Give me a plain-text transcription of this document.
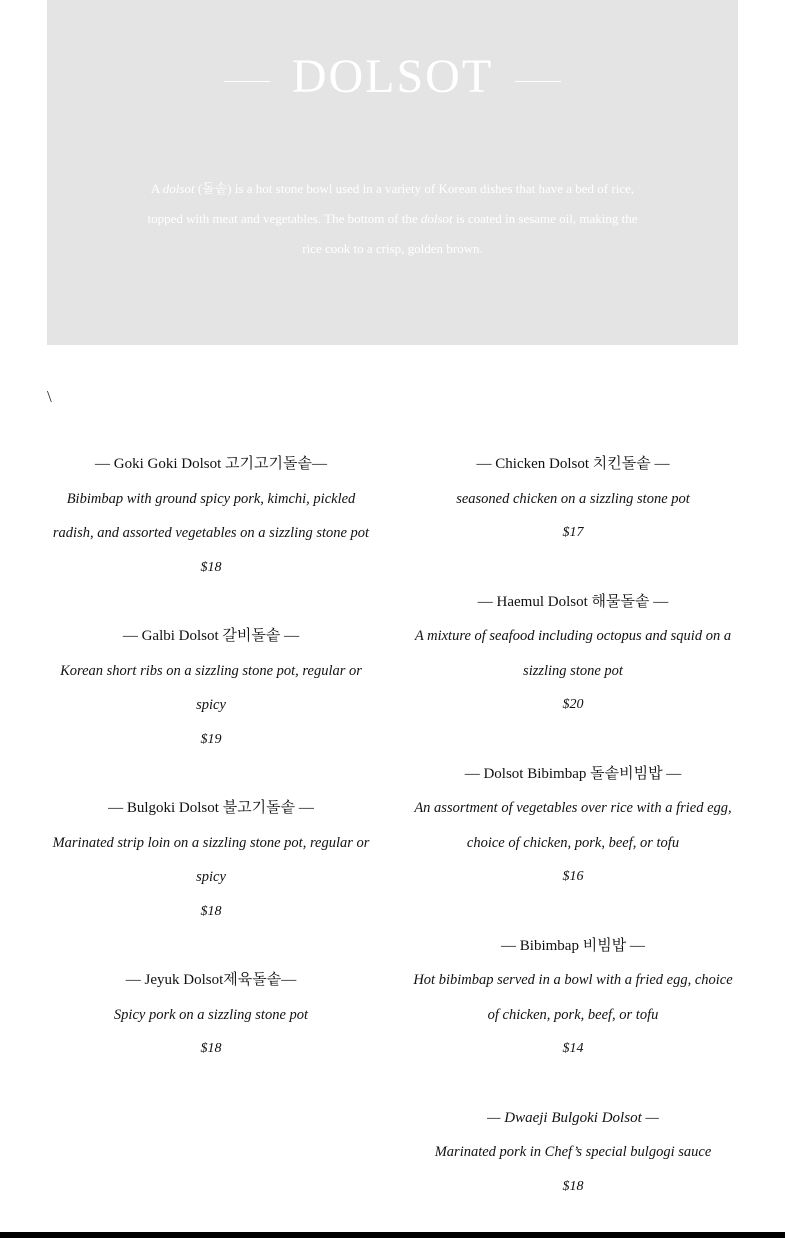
DOLSOT

A dolsot (돌솥) is a hot stone bowl used in a variety of Korean dishes that have a bed of rice, topped with meat and vegetables. The bottom of the dolsot is coated in sesame oil, making the rice cook to a crisp, golden brown.

\

— Goki Goki Dolsot 고기고기돌솥—

Bibimbap with ground spicy pork, kimchi, pickled radish, and assorted vegetables on a sizzling stone pot

$18

— Galbi Dolsot 갈비돌솥 —

Korean short ribs on a sizzling stone pot, regular or spicy

$19

— Bulgoki Dolsot 불고기돌솥 —

Marinated strip loin on a sizzling stone pot, regular or spicy

$18

— Jeyuk Dolsot제육돌솥—

Spicy pork on a sizzling stone pot

$18

— Chicken Dolsot 치킨돌솥 —

seasoned chicken on a sizzling stone pot

$17

— Haemul Dolsot 해물돌솥 —

A mixture of seafood including octopus and squid on a sizzling stone pot

$20

— Dolsot Bibimbap 돌솥비빔밥 —

An assortment of vegetables over rice with a fried egg, choice of chicken, pork, beef, or tofu

$16

— Bibimbap 비빔밥 —

Hot bibimbap served in a bowl with a fried egg, choice of chicken, pork, beef, or tofu

$14

— Dwaeji Bulgoki Dolsot —

Marinated pork in Chef’s special bulgogi sauce

$18
